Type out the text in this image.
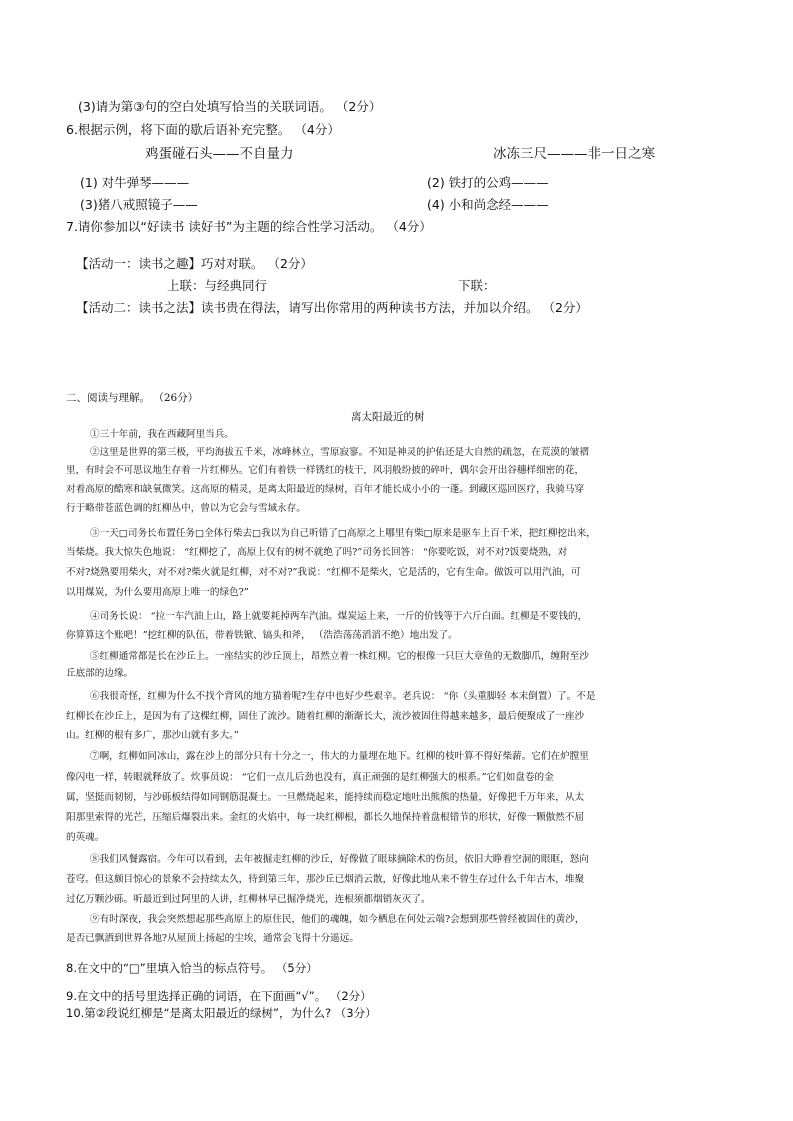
(3)请为第③句的空白处填写恰当的关联词语。 （2分）
6.根据示例，将下面的歇后语补充完整。 （4分）
鸡蛋碰石头——不自量力	冰冻三尺———非一日之寒
(1) 对牛弹琴———	(2) 铁打的公鸡———
(3)猪八戒照镜子——	(4) 小和尚念经———
7.请你参加以“好读书 读好书”为主题的综合性学习活动。 （4分）
【活动一：读书之趣】巧对对联。 （2分）
上联：与经典同行	下联：
【活动二：读书之法】读书贵在得法，请写出你常用的两种读书方法，并加以介绍。 （2分）
二、阅读与理解。 （26分）
离太阳最近的树
①三十年前，我在西藏阿里当兵。
②这里是世界的第三极，平均海拔五千米，冰峰林立，雪原寂寥。不知是神灵的护佑还是大自然的疏忽，在荒漠的皱褶
里，有时会不可思议地生存着一片红柳丛。它们有着铁一样锈红的枝干，风羽般纷披的碎叶，偶尔会开出谷穗样细密的花，
对着高原的酷寒和缺氧微笑。这高原的精灵，是离太阳最近的绿树，百年才能长成小小的一蓬。到藏区巡回医疗，我骑马穿
行于略带苍蓝色调的红柳丛中，曾以为它会与雪域永存。
③一天□司务长布置任务□全体行柴去□我以为自己听错了□高原之上哪里有柴□原来是驱车上百千米，把红柳挖出来，
当柴烧。我大惊失色地说： “红柳挖了，高原上仅有的树不就绝了吗?”司务长回答： “你要吃饭，对不对?饭要烧熟，对
不对?烧熟要用柴火，对不对?柴火就是红柳，对不对?”我说：“红柳不是柴火，它是活的，它有生命。做饭可以用汽油，可
以用煤炭，为什么要用高原上唯一的绿色?”
④司务长说： “拉一车汽油上山，路上就要耗掉两车汽油。煤炭运上来，一斤的价钱等于六斤白面。红柳是不要钱的，
你算算这个账吧！”挖红柳的队伍，带着铁锨、镐头和斧， （浩浩荡荡滔滔不绝）地出发了。
⑤红柳通常都是长在沙丘上。一座结实的沙丘顶上，昂然立着一株红柳。它的根像一只巨大章鱼的无数脚爪，缠附至沙
丘底部的边缘。
⑥我很奇怪，红柳为什么不找个背风的地方猫着呢?生存中也好少些艰辛。老兵说： “你（头重脚轻 本末倒置）了。不是
红柳长在沙丘上，是因为有了这棵红柳，固住了流沙。随着红柳的渐渐长大，流沙被固住得越来越多，最后便聚成了一座沙
山。红柳的根有多广，那沙山就有多大。”
⑦啊，红柳如同冰山，露在沙上的部分只有十分之一，伟大的力量埋在地下。红柳的枝叶算不得好柴薪。它们在炉膛里
像闪电一样，转眼就释放了。炊事员说： “它们一点儿后劲也没有，真正顽强的是红柳强大的根系。”它们如盘卷的金
属，坚挺而韧韧，与沙砾板结得如同钢筋混凝土。一旦燃烧起来，能持续而稳定地吐出熊熊的热量，好像把千万年来，从太
阳那里索得的光芒，压缩后爆裂出来。金红的火焰中，每一块红柳根，都长久地保持着盘根错节的形状，好像一颗傲然不屈
的英魂。
⑧我们风餐露宿。今年可以看到，去年被掘走红柳的沙丘，好像做了眼球摘除术的伤员，依旧大睁着空洞的眼眶，怒向
苍穹。但这颇目惊心的景象不会持续太久，待到第三年，那沙丘已烟消云散，好像此地从来不曾生存过什么千年古木，堆聚
过亿万颗沙砾。听最近到过阿里的人讲，红柳林早已掘净烧光，连根须都烟销灰灭了。
⑨有时深夜，我会突然想起那些高原上的原住民，他们的魂魄，如今栖息在何处云端?会想到那些曾经被固住的黄沙，
是否已飘洒到世界各地?从屋顶上扬起的尘埃，通常会飞得十分遥远。
8.在文中的“□”里填入恰当的标点符号。 （5分）
9.在文中的括号里选择正确的词语，在下面画“√”。 （2分）
10.第②段说红柳是“是离太阳最近的绿树”，为什么? （3分）
